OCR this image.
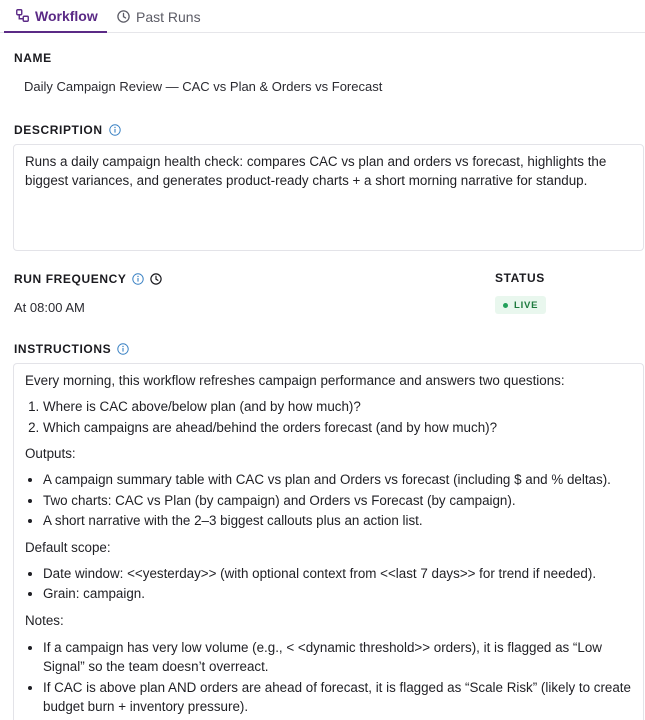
Workflow	Past Runs
NAME
Daily Campaign Review — CAC vs Plan & Orders vs Forecast
DESCRIPTION
Runs a daily campaign health check: compares CAC vs plan and orders vs forecast, highlights the biggest variances, and generates product-ready charts + a short morning narrative for standup.
RUN FREQUENCY
At 08:00 AM
STATUS
LIVE
INSTRUCTIONS

Every morning, this workflow refreshes campaign performance and answers two questions:

1. Where is CAC above/below plan (and by how much)?
2. Which campaigns are ahead/behind the orders forecast (and by how much)?

Outputs:

• A campaign summary table with CAC vs plan and Orders vs forecast (including $ and % deltas).
• Two charts: CAC vs Plan (by campaign) and Orders vs Forecast (by campaign).
• A short narrative with the 2–3 biggest callouts plus an action list.

Default scope:

• Date window: <<yesterday>> (with optional context from <<last 7 days>> for trend if needed).
• Grain: campaign.

Notes:

• If a campaign has very low volume (e.g., < <dynamic threshold>> orders), it is flagged as “Low Signal” so the team doesn’t overreact.
• If CAC is above plan AND orders are ahead of forecast, it is flagged as “Scale Risk” (likely to create budget burn + inventory pressure).
